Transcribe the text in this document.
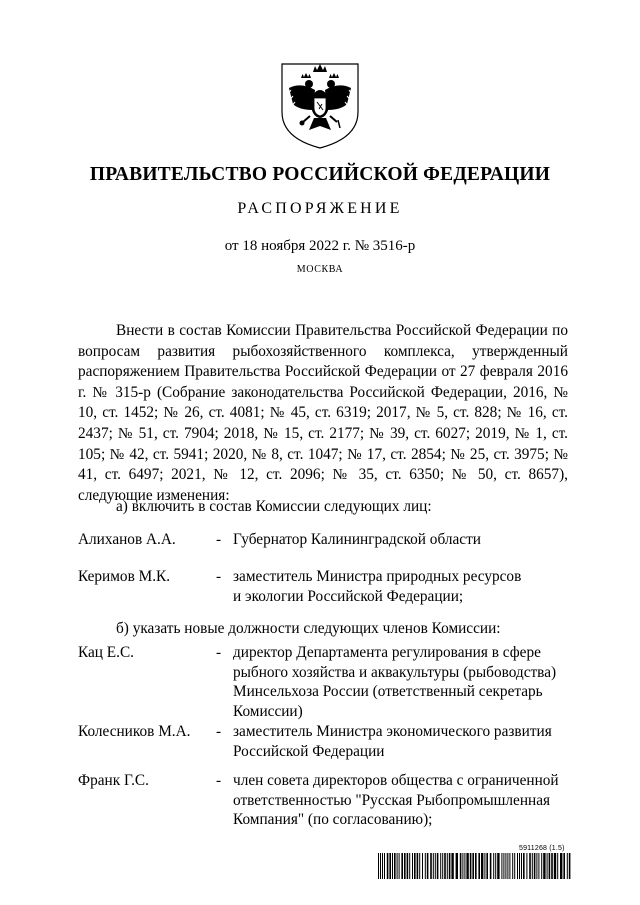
ПРАВИТЕЛЬСТВО РОССИЙСКОЙ ФЕДЕРАЦИИ
РАСПОРЯЖЕНИЕ
от 18 ноября 2022 г. № 3516-р
МОСКВА
Внести в состав Комиссии Правительства Российской Федерации по вопросам развития рыбохозяйственного комплекса, утвержденный распоряжением Правительства Российской Федерации от 27 февраля 2016 г. № 315-р (Собрание законодательства Российской Федерации, 2016, № 10, ст. 1452; № 26, ст. 4081; № 45, ст. 6319; 2017, № 5, ст. 828; № 16, ст. 2437; № 51, ст. 7904; 2018, № 15, ст. 2177; № 39, ст. 6027; 2019, № 1, ст. 105; № 42, ст. 5941; 2020, № 8, ст. 1047; № 17, ст. 2854; № 25, ст. 3975; № 41, ст. 6497; 2021, № 12, ст. 2096; № 35, ст. 6350; № 50, ст. 8657), следующие изменения:
а) включить в состав Комиссии следующих лиц:
Алиханов А.А.	- Губернатор Калининградской области
Керимов М.К.	- заместитель Министра природных ресурсов
и экологии Российской Федерации;
б) указать новые должности следующих членов Комиссии:
Кац Е.С.	- директор Департамента регулирования в сфере рыбного хозяйства и аквакультуры (рыбоводства) Минсельхоза России (ответственный секретарь Комиссии)
Колесников М.А. - заместитель Министра экономического развития Российской Федерации
Франк Г.С.	- член совета директоров общества с ограниченной ответственностью "Русская Рыбопромышленная Компания" (по согласованию);
5911268 (1.5)
